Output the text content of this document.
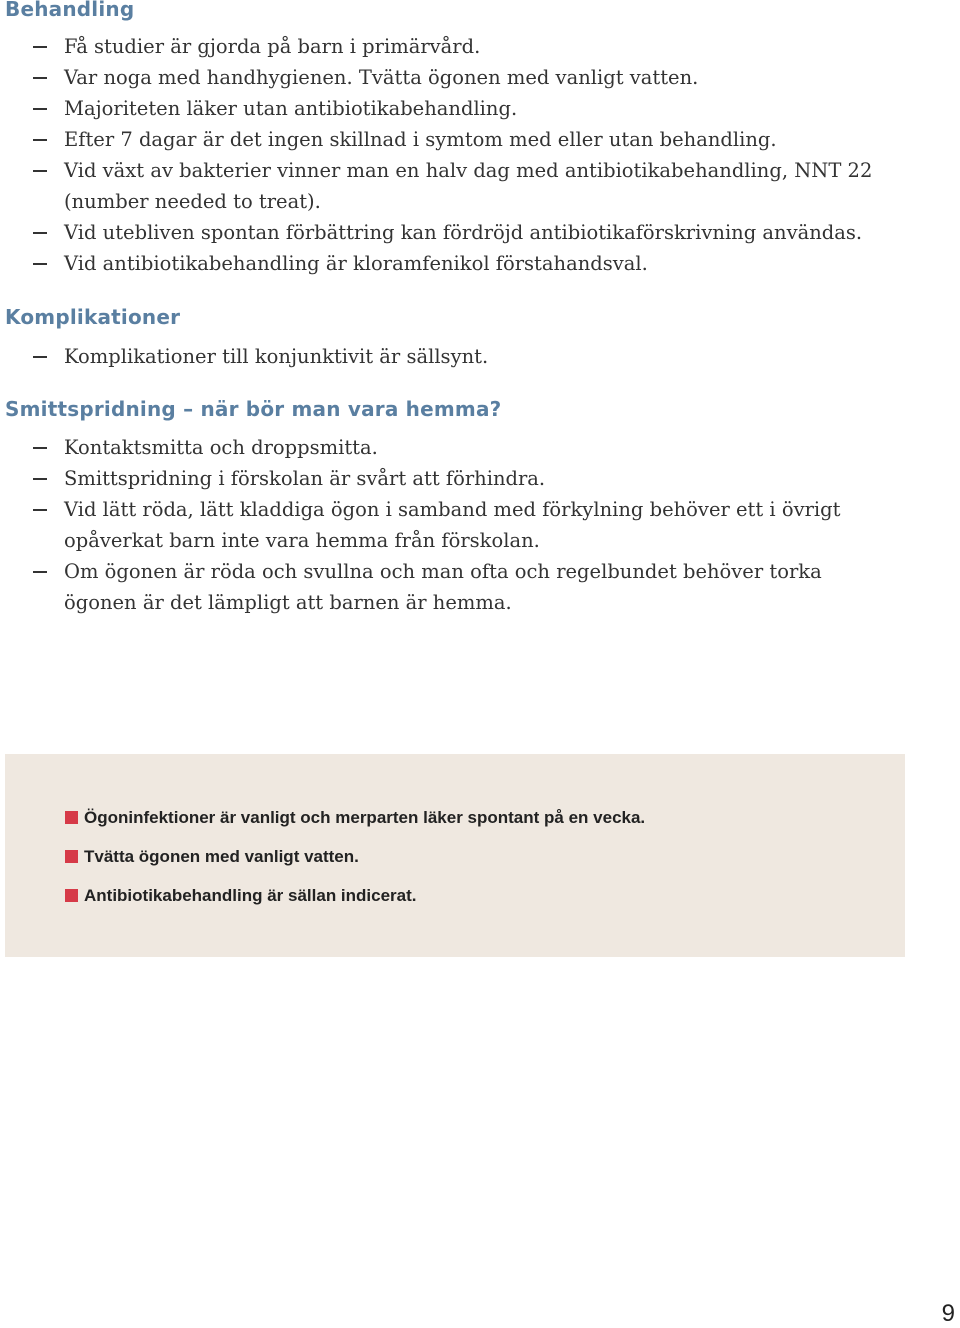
Behandling
Få studier är gjorda på barn i primärvård.
Var noga med handhygienen. Tvätta ögonen med vanligt vatten.
Majoriteten läker utan antibiotikabehandling.
Efter 7 dagar är det ingen skillnad i symtom med eller utan behandling.
Vid växt av bakterier vinner man en halv dag med antibiotikabehandling, NNT 22 (number needed to treat).
Vid utebliven spontan förbättring kan fördröjd antibiotikaförskrivning användas.
Vid antibiotikabehandling är kloramfenikol förstahandsval.
Komplikationer
Komplikationer till konjunktivit är sällsynt.
Smittspridning – när bör man vara hemma?
Kontaktsmitta och droppsmitta.
Smittspridning i förskolan är svårt att förhindra.
Vid lätt röda, lätt kladdiga ögon i samband med förkylning behöver ett i övrigt opåverkat barn inte vara hemma från förskolan.
Om ögonen är röda och svullna och man ofta och regelbundet behöver torka ögonen är det lämpligt att barnen är hemma.
Ögoninfektioner är vanligt och merparten läker spontant på en vecka.
Tvätta ögonen med vanligt vatten.
Antibiotikabehandling är sällan indicerat.
9
